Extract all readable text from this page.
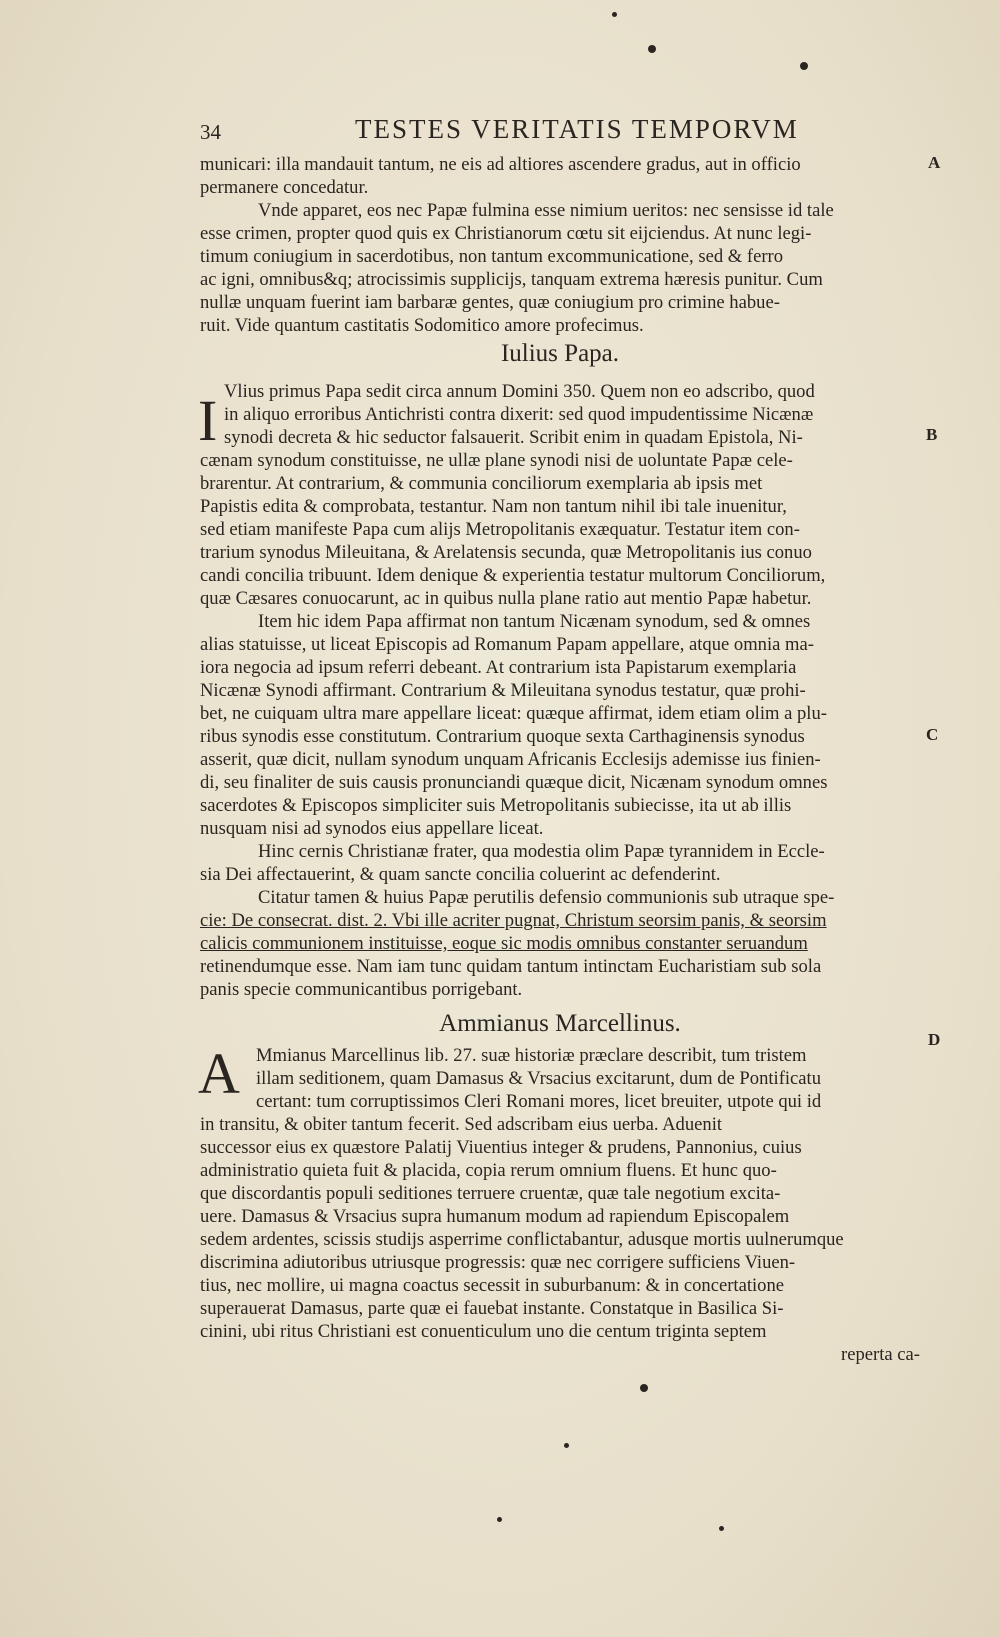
34	TESTES VERITATIS TEMPORVM
A
B
C
D
municari: illa mandauit tantum, ne eis ad altiores ascendere gradus, aut in officio
permanere concedatur.
Vnde apparet, eos nec Papæ fulmina esse nimium ueritos: nec sensisse id tale
esse crimen, propter quod quis ex Christianorum cœtu sit eijciendus. At nunc legi-
timum coniugium in sacerdotibus, non tantum excommunicatione, sed & ferro
ac igni, omnibus&q; atrocissimis supplicijs, tanquam extrema hæresis punitur. Cum
nullæ unquam fuerint iam barbaræ gentes, quæ coniugium pro crimine habue-
ruit. Vide quantum castitatis Sodomitico amore profecimus.
Iulius Papa.
I Vlius primus Papa sedit circa annum Domini 350. Quem non eo adscribo, quod
in aliquo erroribus Antichristi contra dixerit: sed quod impudentissime Nicænæ
synodi decreta & hic seductor falsauerit. Scribit enim in quadam Epistola, Ni-
cænam synodum constituisse, ne ullæ plane synodi nisi de uoluntate Papæ cele-
brarentur. At contrarium, & communia conciliorum exemplaria ab ipsis met
Papistis edita & comprobata, testantur. Nam non tantum nihil ibi tale inuenitur,
sed etiam manifeste Papa cum alijs Metropolitanis exæquatur. Testatur item con-
trarium synodus Mileuitana, & Arelatensis secunda, quæ Metropolitanis ius conuo
candi concilia tribuunt. Idem denique & experientia testatur multorum Conciliorum,
quæ Cæsares conuocarunt, ac in quibus nulla plane ratio aut mentio Papæ habetur.
Item hic idem Papa affirmat non tantum Nicænam synodum, sed & omnes
alias statuisse, ut liceat Episcopis ad Romanum Papam appellare, atque omnia ma-
iora negocia ad ipsum referri debeant. At contrarium ista Papistarum exemplaria
Nicænæ Synodi affirmant. Contrarium & Mileuitana synodus testatur, quæ prohi-
bet, ne cuiquam ultra mare appellare liceat: quæque affirmat, idem etiam olim a plu-
ribus synodis esse constitutum. Contrarium quoque sexta Carthaginensis synodus
asserit, quæ dicit, nullam synodum unquam Africanis Ecclesijs ademisse ius finien-
di, seu finaliter de suis causis pronunciandi quæque dicit, Nicænam synodum omnes
sacerdotes & Episcopos simpliciter suis Metropolitanis subiecisse, ita ut ab illis
nusquam nisi ad synodos eius appellare liceat.
Hinc cernis Christianæ frater, qua modestia olim Papæ tyrannidem in Eccle-
sia Dei affectauerint, & quam sancte concilia coluerint ac defenderint.
Citatur tamen & huius Papæ perutilis defensio communionis sub utraque spe-
cie: De consecrat. dist. 2. Vbi ille acriter pugnat, Christum seorsim panis, & seorsim
calicis communionem instituisse, eoque sic modis omnibus constanter seruandum
retinendumque esse. Nam iam tunc quidam tantum intinctam Eucharistiam sub sola
panis specie communicantibus porrigebant.
Ammianus Marcellinus.
A Mmianus Marcellinus lib. 27. suæ historiæ præclare describit, tum tristem
illam seditionem, quam Damasus & Vrsacius excitarunt, dum de Pontificatu
certant: tum corruptissimos Cleri Romani mores, licet breuiter, utpote qui id
in transitu, & obiter tantum fecerit. Sed adscribam eius uerba. Aduenit
successor eius ex quæstore Palatij Viuentius integer & prudens, Pannonius, cuius
administratio quieta fuit & placida, copia rerum omnium fluens. Et hunc quo-
que discordantis populi seditiones terruere cruentæ, quæ tale negotium excita-
uere. Damasus & Vrsacius supra humanum modum ad rapiendum Episcopalem
sedem ardentes, scissis studijs asperrime conflictabantur, adusque mortis uulnerumque
discrimina adiutoribus utriusque progressis: quæ nec corrigere sufficiens Viuen-
tius, nec mollire, ui magna coactus secessit in suburbanum: & in concertatione
superauerat Damasus, parte quæ ei fauebat instante. Constatque in Basilica Si-
cinini, ubi ritus Christiani est conuenticulum uno die centum triginta septem
reperta ca-
